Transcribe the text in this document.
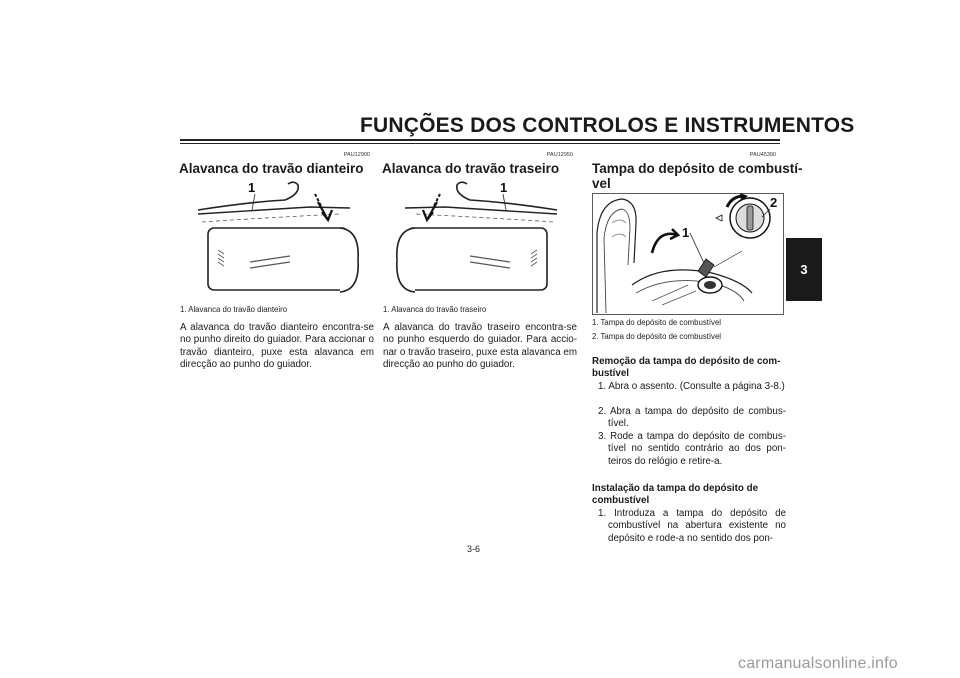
FUNÇÕES DOS CONTROLOS E INSTRUMENTOS
3
PAU12900
Alavanca do travão dianteiro
1
1. Alavanca do travão dianteiro
A alavanca do travão dianteiro encontra-se no punho direito do guiador. Para accionar o travão dianteiro, puxe esta alavanca em direcção ao punho do guiador.
PAU12950
Alavanca do travão traseiro
1
1. Alavanca do travão traseiro
A alavanca do travão traseiro encontra-se no punho esquerdo do guiador. Para accio-nar o travão traseiro, puxe esta alavanca em direcção ao punho do guiador.
PAU45390
Tampa do depósito de combustí-
vel
1
2
1. Tampa do depósito de combustível
2. Tampa do depósito de combustível
Remoção da tampa do depósito de com-
bustível
1. Abra o assento. (Consulte a página 3-8.)
2. Abra a tampa do depósito de combus-tível.
3. Rode a tampa do depósito de combus-tível no sentido contrário ao dos pon-teiros do relógio e retire-a.
Instalação da tampa do depósito de
combustível
1. Introduza a tampa do depósito de combustível na abertura existente no depósito e rode-a no sentido dos pon-
3-6
carmanualsonline.info
